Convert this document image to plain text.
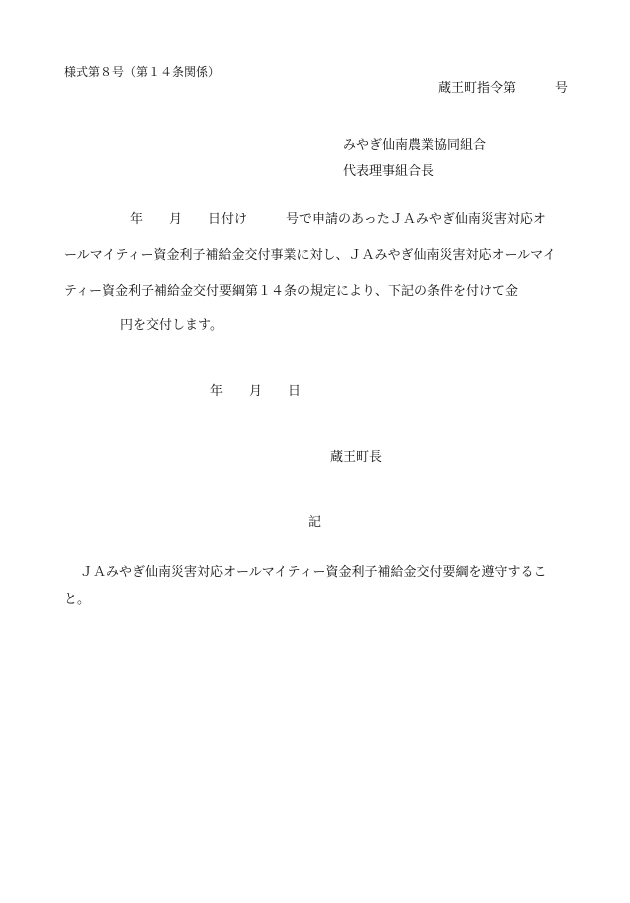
様式第８号（第１４条関係）
蔵王町指令第　　　号
みやぎ仙南農業協同組合
代表理事組合長
年　　月　　日付け　　　号で申請のあったＪＡみやぎ仙南災害対応オ
ールマイティー資金利子補給金交付事業に対し、ＪＡみやぎ仙南災害対応オールマイ
ティー資金利子補給金交付要綱第１４条の規定により、下記の条件を付けて金
円を交付します。
年　　月　　日
蔵王町長
記
ＪＡみやぎ仙南災害対応オールマイティー資金利子補給金交付要綱を遵守するこ
と。
